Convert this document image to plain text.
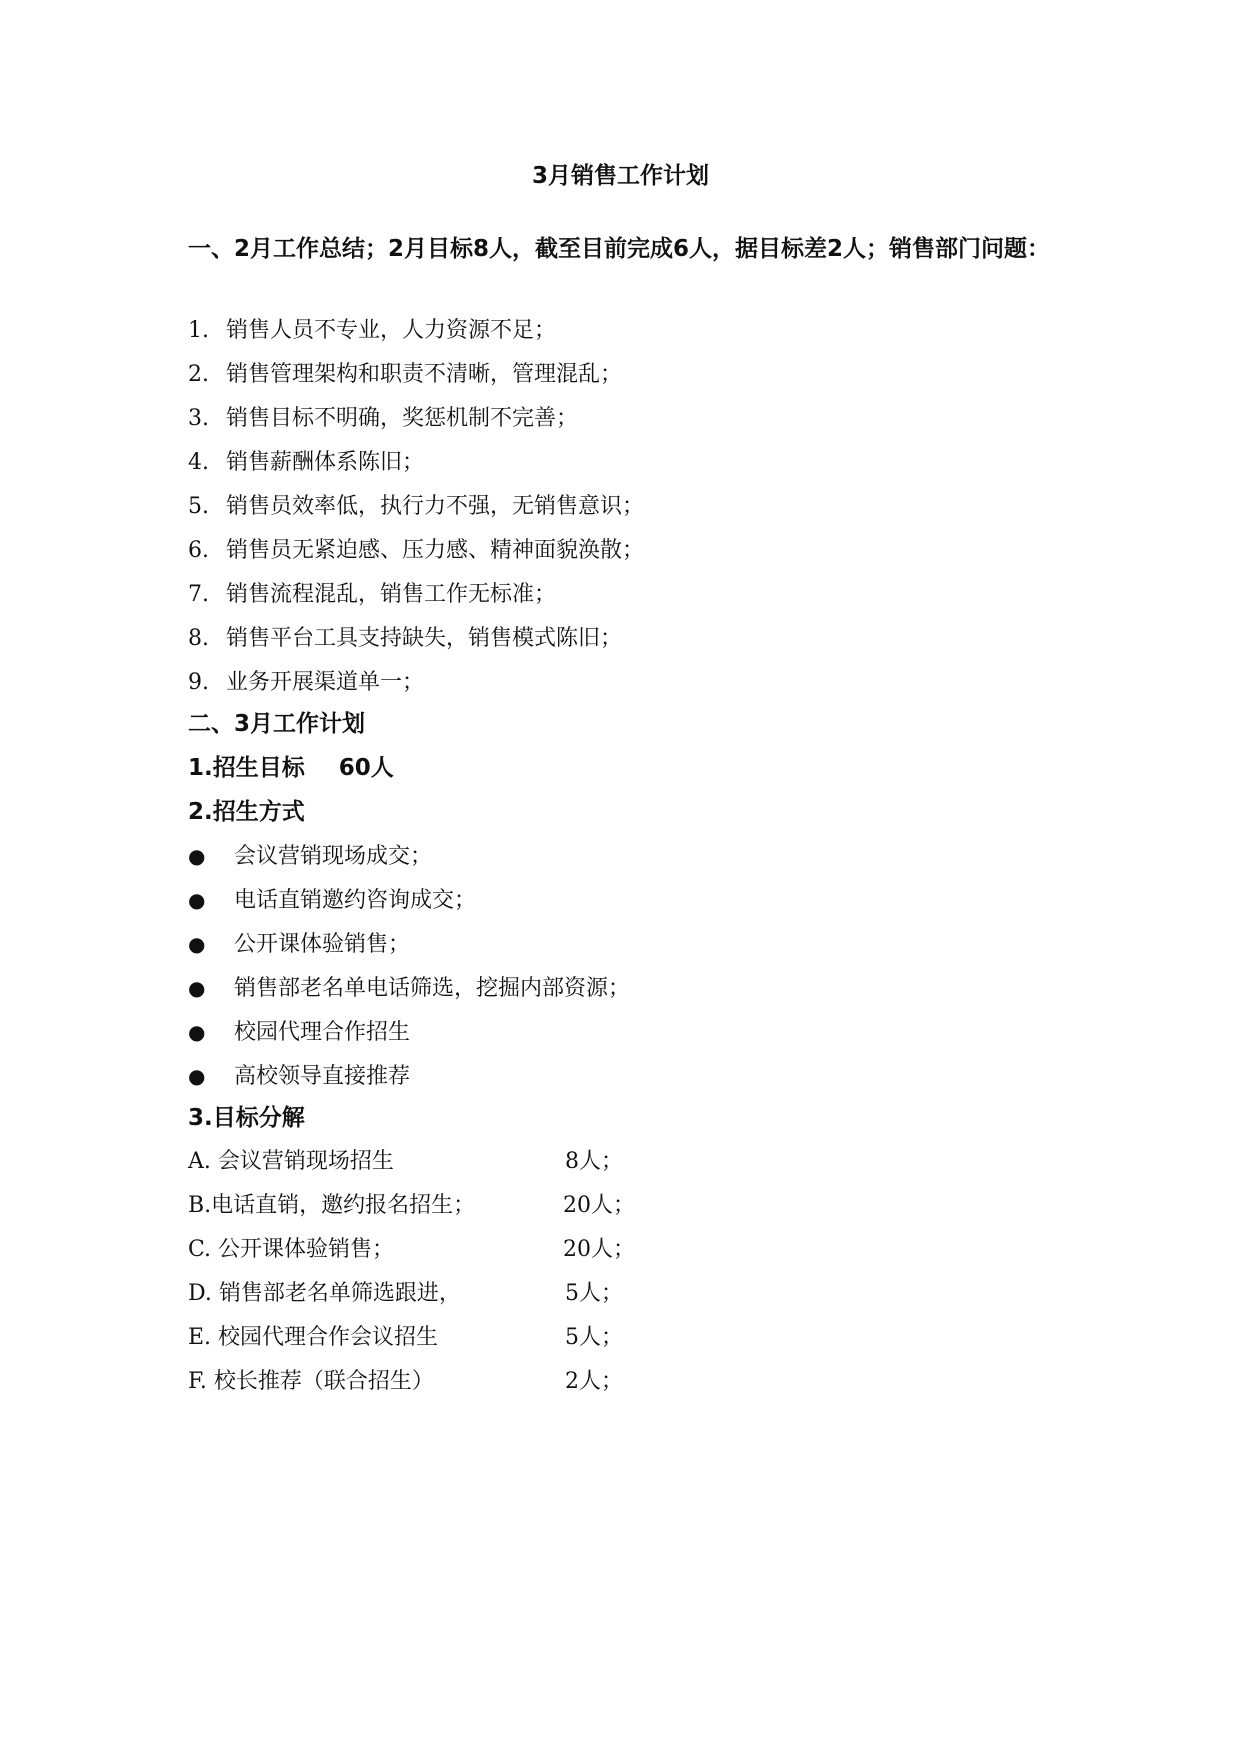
3月销售工作计划
一、2月工作总结；2月目标8人，截至目前完成6人，据目标差2人；销售部门问题：
1. 销售人员不专业，人力资源不足；
2. 销售管理架构和职责不清晰，管理混乱；
3. 销售目标不明确，奖惩机制不完善；
4. 销售薪酬体系陈旧；
5. 销售员效率低，执行力不强，无销售意识；
6. 销售员无紧迫感、压力感、精神面貌涣散；
7. 销售流程混乱，销售工作无标准；
8. 销售平台工具支持缺失，销售模式陈旧；
9. 业务开展渠道单一；
二、3月工作计划
1.招生目标 60人
2.招生方式
● 会议营销现场成交；
● 电话直销邀约咨询成交；
● 公开课体验销售；
● 销售部老名单电话筛选，挖掘内部资源；
● 校园代理合作招生
● 高校领导直接推荐
3.目标分解
A. 会议营销现场招生	8人；
B.电话直销，邀约报名招生；	20人；
C. 公开课体验销售；	20人；
D. 销售部老名单筛选跟进，	5人；
E. 校园代理合作会议招生	5人；
F. 校长推荐（联合招生）	2人；
